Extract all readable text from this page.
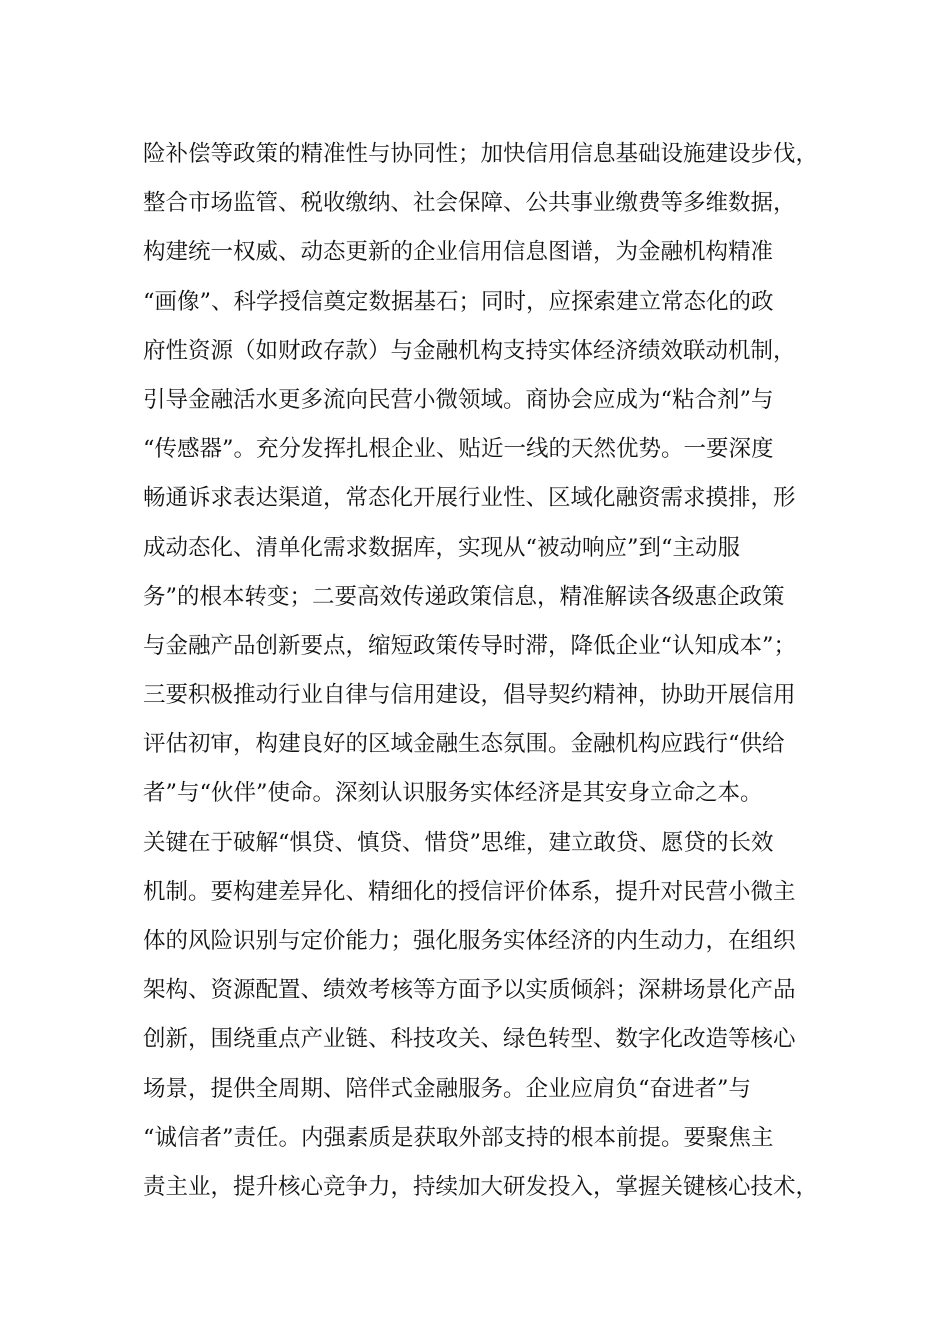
险补偿等政策的精准性与协同性；加快信用信息基础设施建设步伐，
整合市场监管、税收缴纳、社会保障、公共事业缴费等多维数据，
构建统一权威、动态更新的企业信用信息图谱，为金融机构精准
“画像”、科学授信奠定数据基石；同时，应探索建立常态化的政
府性资源（如财政存款）与金融机构支持实体经济绩效联动机制，
引导金融活水更多流向民营小微领域。商协会应成为“粘合剂”与
“传感器”。充分发挥扎根企业、贴近一线的天然优势。一要深度
畅通诉求表达渠道，常态化开展行业性、区域化融资需求摸排，形
成动态化、清单化需求数据库，实现从“被动响应”到“主动服
务”的根本转变；二要高效传递政策信息，精准解读各级惠企政策
与金融产品创新要点，缩短政策传导时滞，降低企业“认知成本”；
三要积极推动行业自律与信用建设，倡导契约精神，协助开展信用
评估初审，构建良好的区域金融生态氛围。金融机构应践行“供给
者”与“伙伴”使命。深刻认识服务实体经济是其安身立命之本。
关键在于破解“惧贷、慎贷、惜贷”思维，建立敢贷、愿贷的长效
机制。要构建差异化、精细化的授信评价体系，提升对民营小微主
体的风险识别与定价能力；强化服务实体经济的内生动力，在组织
架构、资源配置、绩效考核等方面予以实质倾斜；深耕场景化产品
创新，围绕重点产业链、科技攻关、绿色转型、数字化改造等核心
场景，提供全周期、陪伴式金融服务。企业应肩负“奋进者”与
“诚信者”责任。内强素质是获取外部支持的根本前提。要聚焦主
责主业，提升核心竞争力，持续加大研发投入，掌握关键核心技术，
